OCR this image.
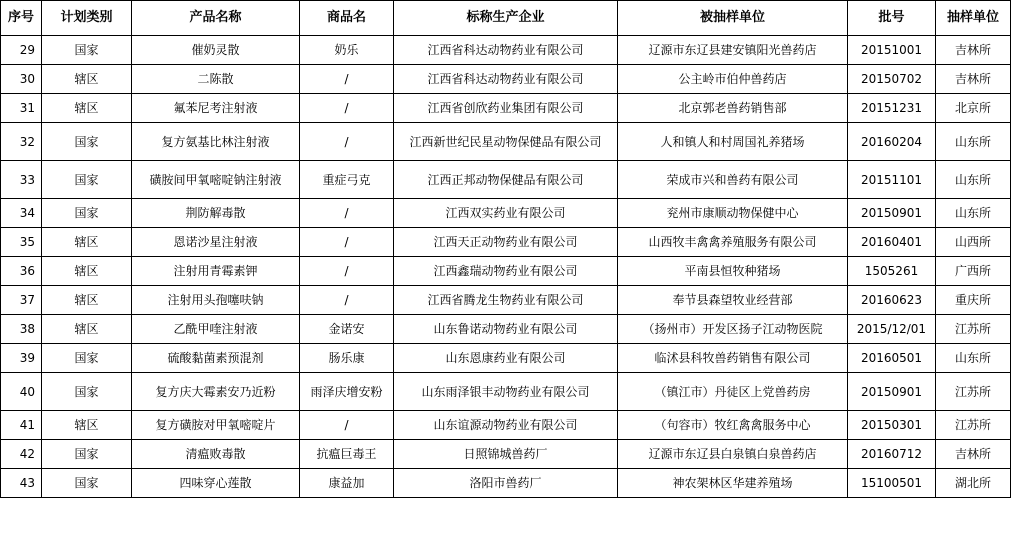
序号	计划类别	产品名称	商品名	标称生产企业	被抽样单位	批号	抽样单位
29	国家	催奶灵散	奶乐	江西省科达动物药业有限公司	辽源市东辽县建安镇阳光兽药店	20151001	吉林所
30	辖区	二陈散	/	江西省科达动物药业有限公司	公主岭市伯仲兽药店	20150702	吉林所
31	辖区	氟苯尼考注射液	/	江西省创欣药业集团有限公司	北京郭老兽药销售部	20151231	北京所
32	国家	复方氨基比林注射液	/	江西新世纪民星动物保健品有限公司	人和镇人和村周国礼养猪场	20160204	山东所
33	国家	磺胺间甲氧嘧啶钠注射液	重症弓克	江西正邦动物保健品有限公司	荣成市兴和兽药有限公司	20151101	山东所
34	国家	荆防解毒散	/	江西双实药业有限公司	兖州市康顺动物保健中心	20150901	山东所
35	辖区	恩诺沙星注射液	/	江西天正动物药业有限公司	山西牧丰禽禽养殖服务有限公司	20160401	山西所
36	辖区	注射用青霉素钾	/	江西鑫瑞动物药业有限公司	平南县恒牧种猪场	1505261	广西所
37	辖区	注射用头孢噻呋钠	/	江西省腾龙生物药业有限公司	奉节县森望牧业经营部	20160623	重庆所
38	辖区	乙酰甲喹注射液	金诺安	山东鲁诺动物药业有限公司	（扬州市）开发区扬子江动物医院	2015/12/01	江苏所
39	国家	硫酸黏菌素预混剂	肠乐康	山东恩康药业有限公司	临沭县科牧兽药销售有限公司	20160501	山东所
40	国家	复方庆大霉素安乃近粉	雨泽庆增安粉	山东雨泽银丰动物药业有限公司	（镇江市）丹徒区上党兽药房	20150901	江苏所
41	辖区	复方磺胺对甲氧嘧啶片	/	山东谊源动物药业有限公司	（句容市）牧红禽禽服务中心	20150301	江苏所
42	国家	清瘟败毒散	抗瘟巨毒王	日照锦城兽药厂	辽源市东辽县白泉镇白泉兽药店	20160712	吉林所
43	国家	四味穿心莲散	康益加	洛阳市兽药厂	神农架林区华建养殖场	15100501	湖北所
